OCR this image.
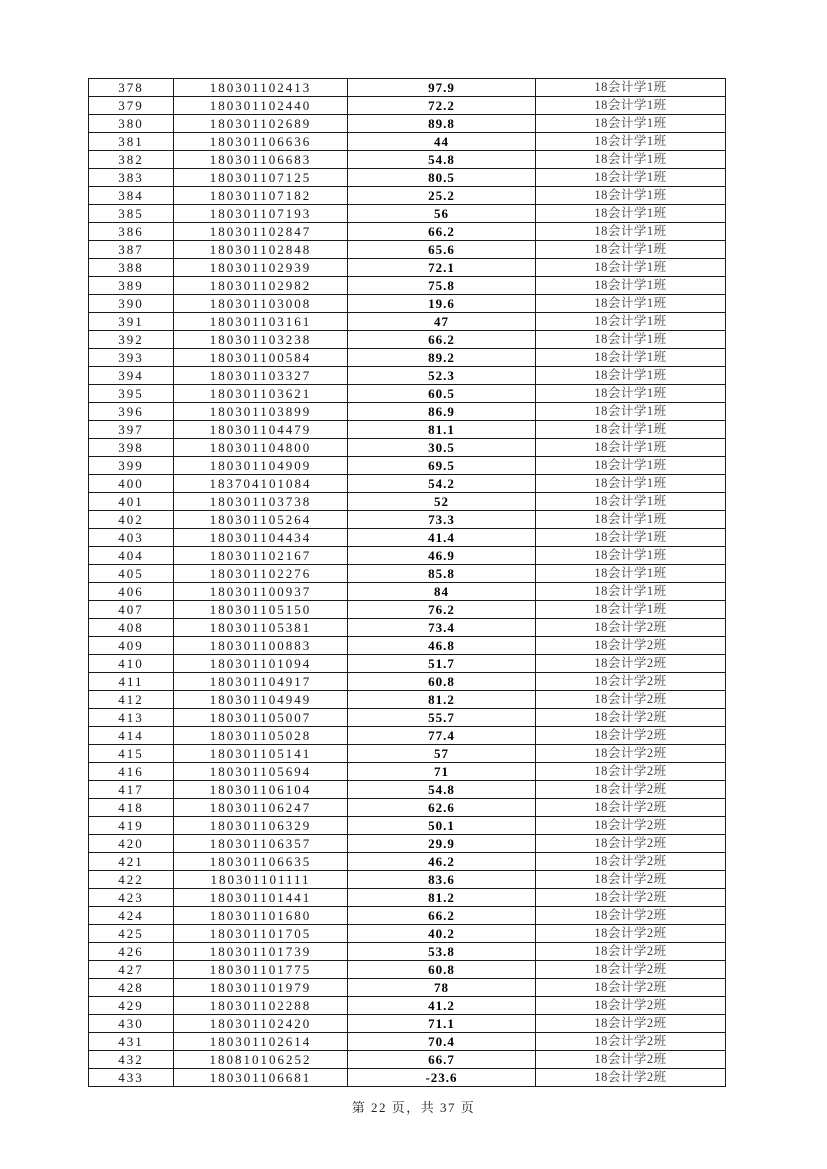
378	180301102413	97.9	18会计学1班
379	180301102440	72.2	18会计学1班
380	180301102689	89.8	18会计学1班
381	180301106636	44	18会计学1班
382	180301106683	54.8	18会计学1班
383	180301107125	80.5	18会计学1班
384	180301107182	25.2	18会计学1班
385	180301107193	56	18会计学1班
386	180301102847	66.2	18会计学1班
387	180301102848	65.6	18会计学1班
388	180301102939	72.1	18会计学1班
389	180301102982	75.8	18会计学1班
390	180301103008	19.6	18会计学1班
391	180301103161	47	18会计学1班
392	180301103238	66.2	18会计学1班
393	180301100584	89.2	18会计学1班
394	180301103327	52.3	18会计学1班
395	180301103621	60.5	18会计学1班
396	180301103899	86.9	18会计学1班
397	180301104479	81.1	18会计学1班
398	180301104800	30.5	18会计学1班
399	180301104909	69.5	18会计学1班
400	183704101084	54.2	18会计学1班
401	180301103738	52	18会计学1班
402	180301105264	73.3	18会计学1班
403	180301104434	41.4	18会计学1班
404	180301102167	46.9	18会计学1班
405	180301102276	85.8	18会计学1班
406	180301100937	84	18会计学1班
407	180301105150	76.2	18会计学1班
408	180301105381	73.4	18会计学2班
409	180301100883	46.8	18会计学2班
410	180301101094	51.7	18会计学2班
411	180301104917	60.8	18会计学2班
412	180301104949	81.2	18会计学2班
413	180301105007	55.7	18会计学2班
414	180301105028	77.4	18会计学2班
415	180301105141	57	18会计学2班
416	180301105694	71	18会计学2班
417	180301106104	54.8	18会计学2班
418	180301106247	62.6	18会计学2班
419	180301106329	50.1	18会计学2班
420	180301106357	29.9	18会计学2班
421	180301106635	46.2	18会计学2班
422	180301101111	83.6	18会计学2班
423	180301101441	81.2	18会计学2班
424	180301101680	66.2	18会计学2班
425	180301101705	40.2	18会计学2班
426	180301101739	53.8	18会计学2班
427	180301101775	60.8	18会计学2班
428	180301101979	78	18会计学2班
429	180301102288	41.2	18会计学2班
430	180301102420	71.1	18会计学2班
431	180301102614	70.4	18会计学2班
432	180810106252	66.7	18会计学2班
433	180301106681	-23.6	18会计学2班
第 22 页，共 37 页
